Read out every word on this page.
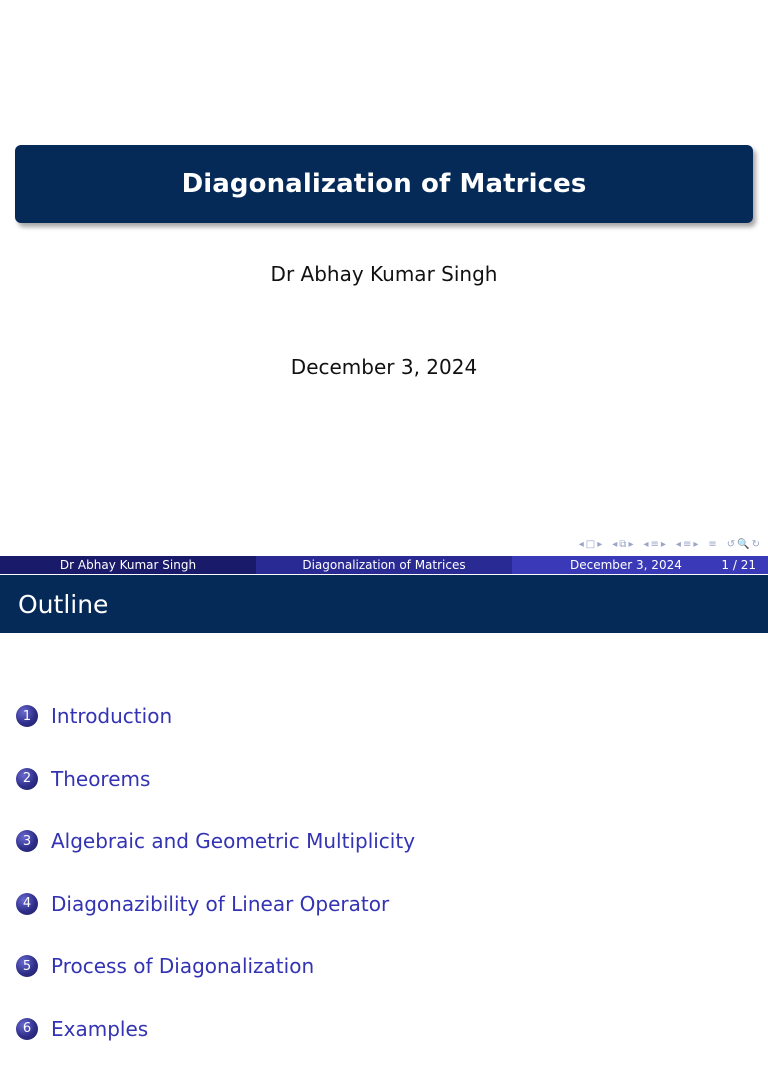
Diagonalization of Matrices
Dr Abhay Kumar Singh
December 3, 2024
◂ □ ▸ ◂ ⧉ ▸ ◂ ≡ ▸ ◂ ≡ ▸ ≡ ↺ 🔍 ↻
Dr Abhay Kumar Singh	Diagonalization of Matrices	December 3, 2024	1 / 21
Outline
1 Introduction
2 Theorems
3 Algebraic and Geometric Multiplicity
4 Diagonazibility of Linear Operator
5 Process of Diagonalization
6 Examples
